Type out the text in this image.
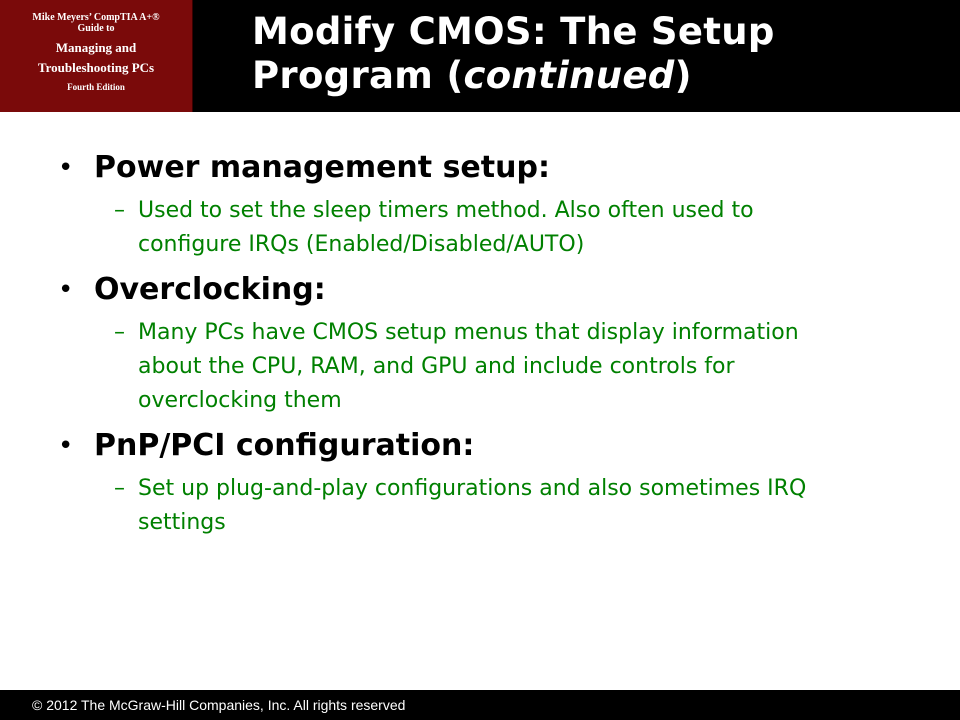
Mike Meyers’ CompTIA A+®
Guide to
Managing and
Troubleshooting PCs
Fourth Edition
Modify CMOS: The Setup
Program (continued)
• Power management setup:
– Used to set the sleep timers method. Also often used to configure IRQs (Enabled/Disabled/AUTO)
• Overclocking:
– Many PCs have CMOS setup menus that display information about the CPU, RAM, and GPU and include controls for overclocking them
• PnP/PCI configuration:
– Set up plug-and-play configurations and also sometimes IRQ settings
© 2012 The McGraw-Hill Companies, Inc. All rights reserved
